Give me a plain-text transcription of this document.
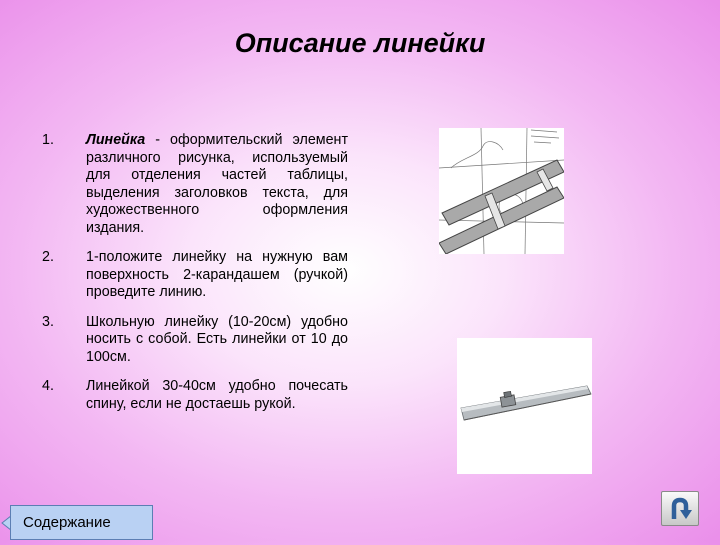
Описание линейки
1. Линейка - оформительский элемент различного рисунка, используемый для отделения частей таблицы, выделения заголовков текста, для художественного оформления издания.
2. 1-положите линейку на нужную вам поверхность 2-карандашем (ручкой) проведите линию.
3. Школьную линейку (10-20см) удобно носить с собой. Есть линейки от 10 до 100см.
4. Линейкой 30-40см удобно почесать спину, если не достаешь рукой.
Содержание
